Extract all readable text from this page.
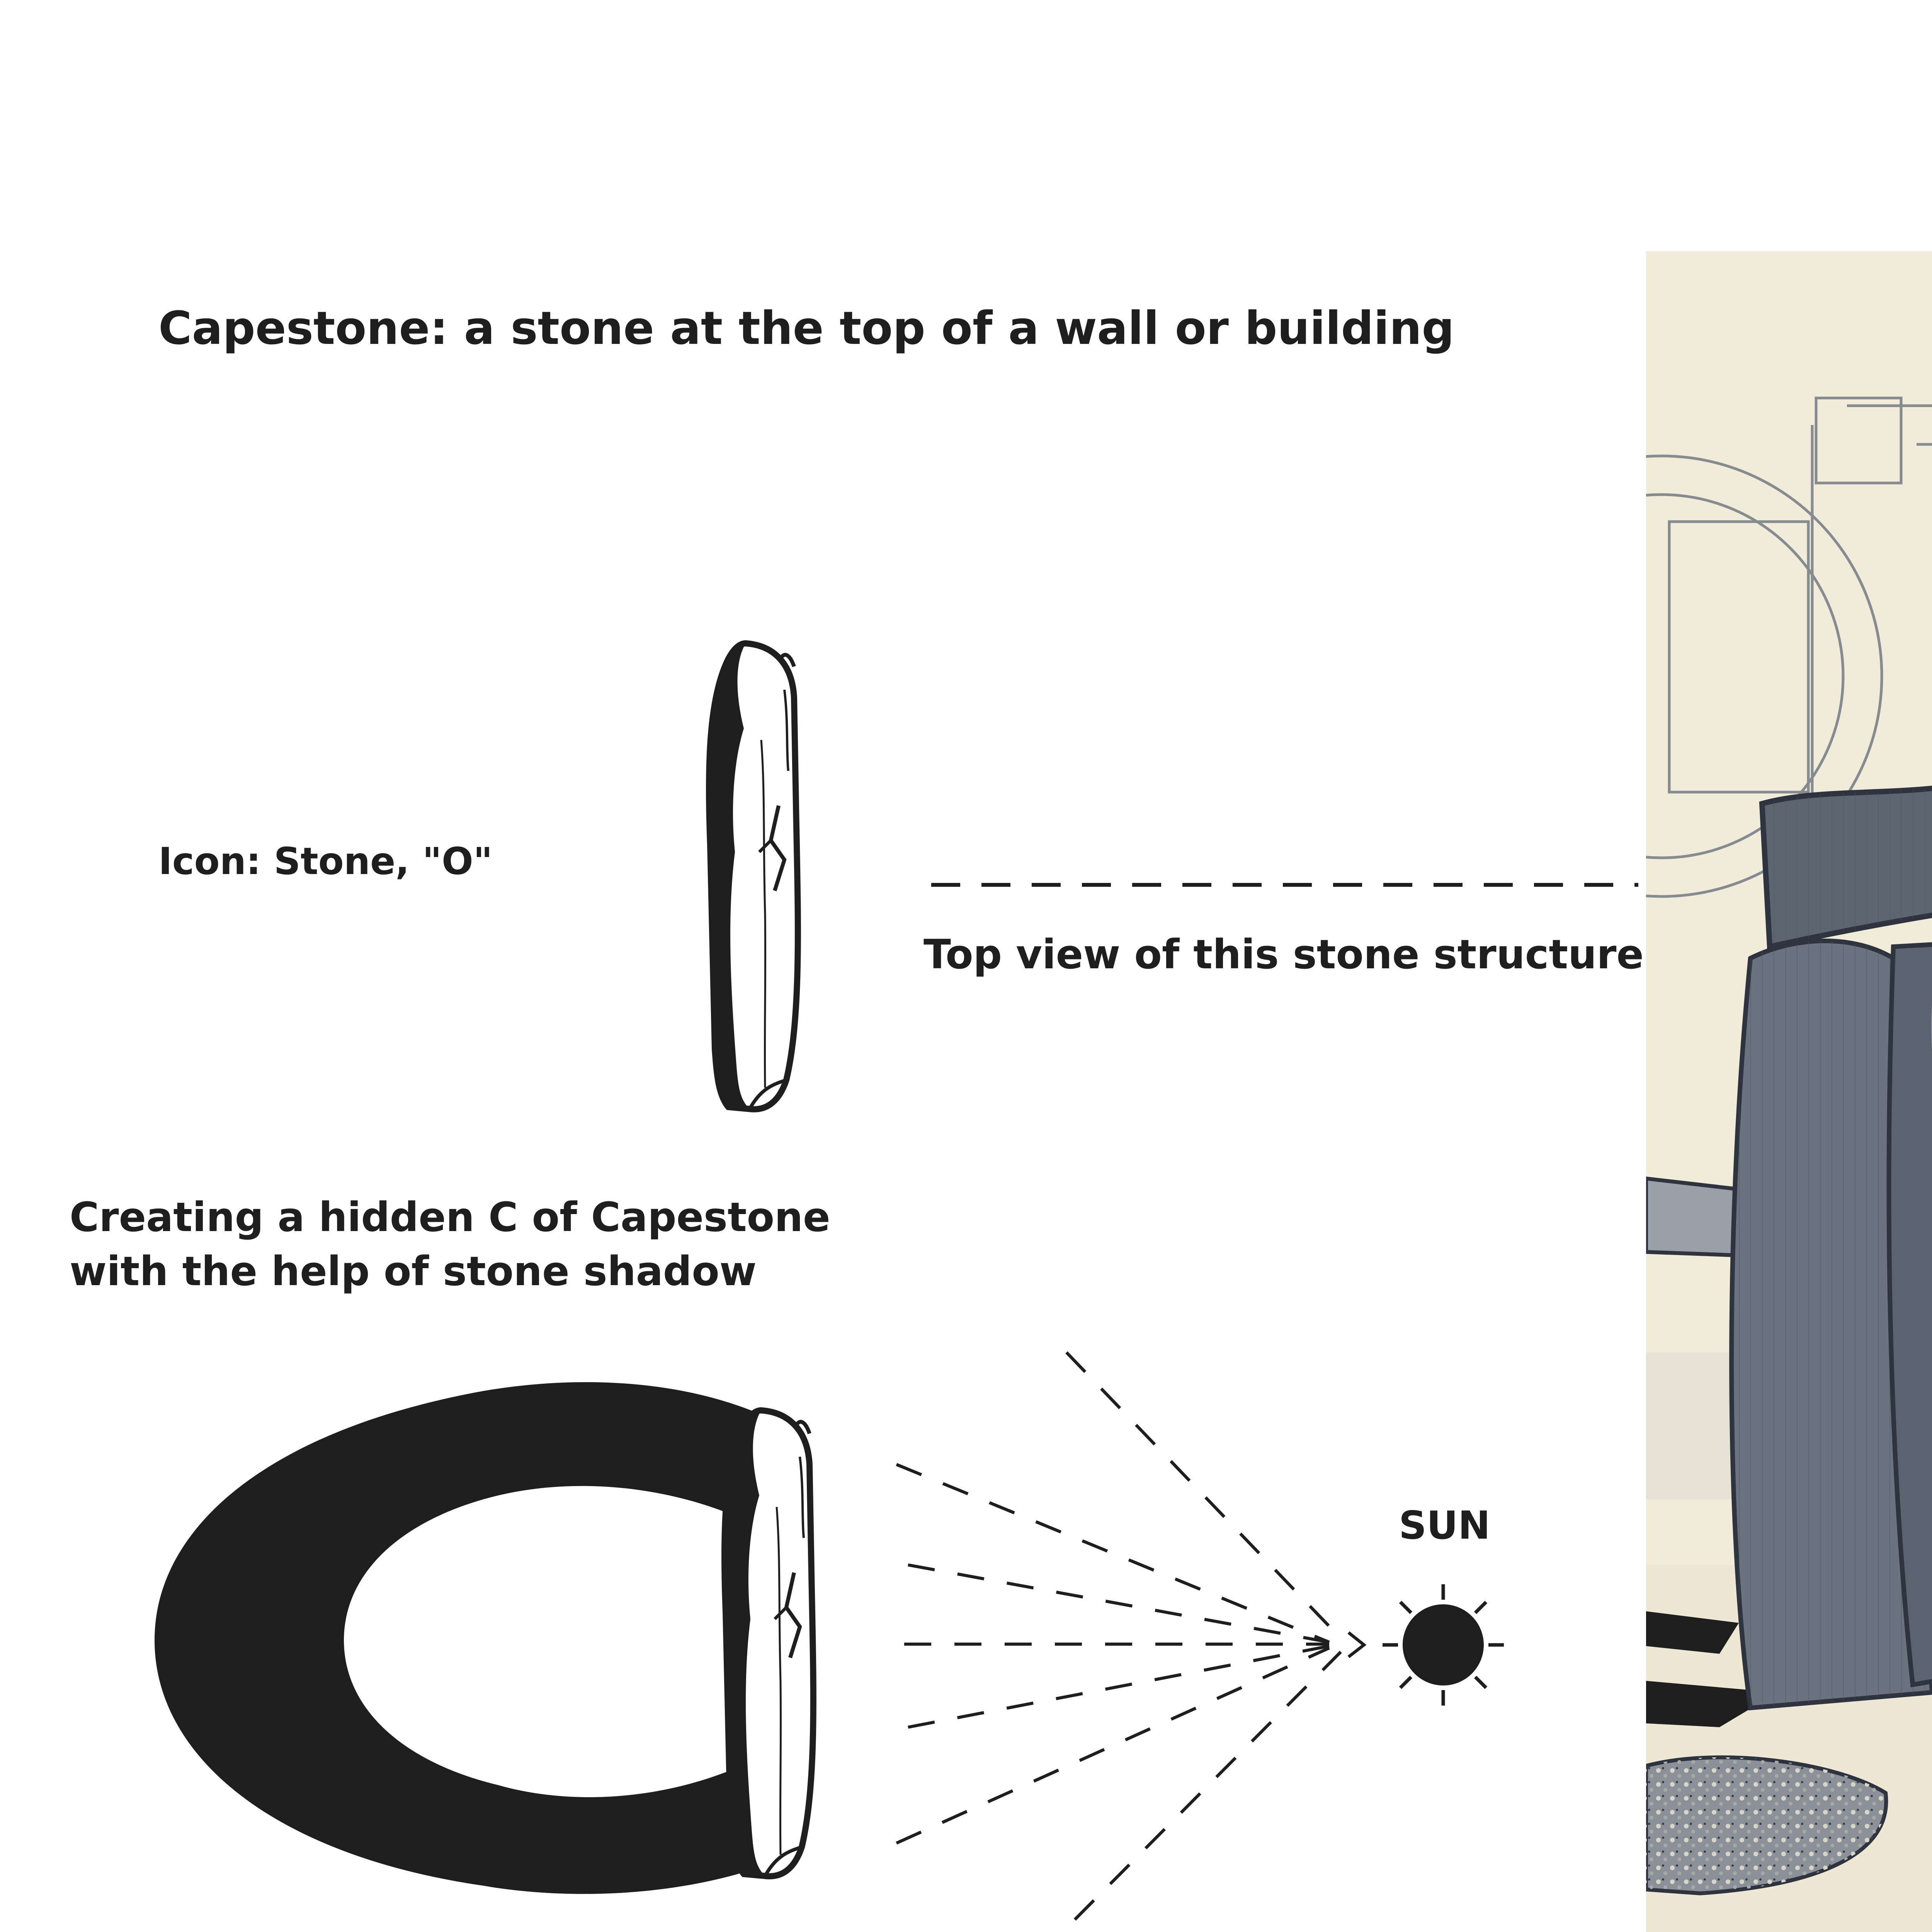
Capestone: a stone at the top of a wall or building

Icon: Stone, "O"

Top view of this stone structure

Creating a hidden C of Capestone
with the help of stone shadow

SUN
